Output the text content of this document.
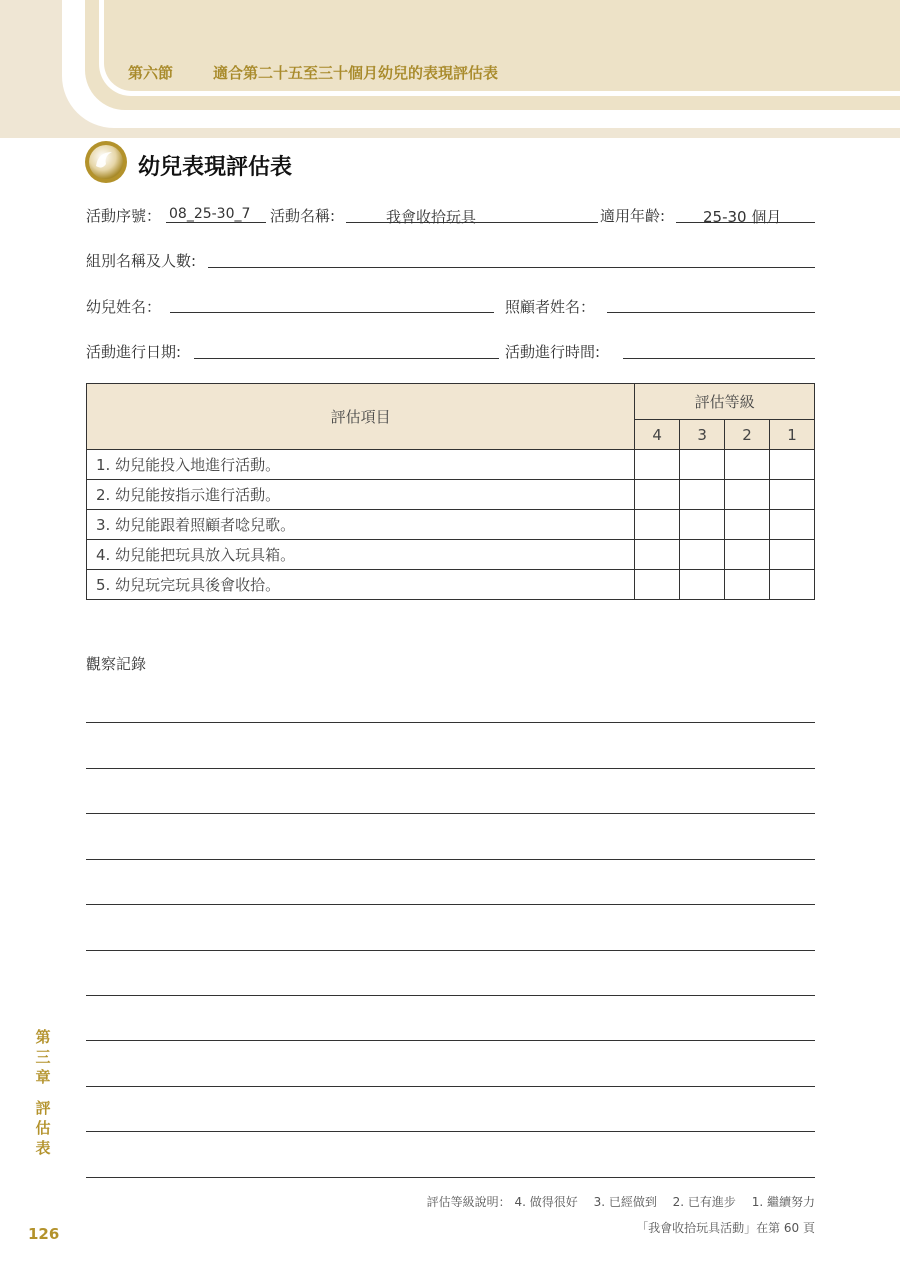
第六節	適合第二十五至三十個月幼兒的表現評估表
幼兒表現評估表
活動序號： 08_25-30_7 活動名稱:	我會收拾玩具	適用年齡:	25-30 個月
組別名稱及人數:
幼兒姓名：	照顧者姓名：
活動進行日期:	活動進行時間:
評估項目	評估等級			
	4	3	2	1
1. 幼兒能投入地進行活動。				
2. 幼兒能按指示進行活動。				
3. 幼兒能跟着照顧者唸兒歌。				
4. 幼兒能把玩具放入玩具箱。				
5. 幼兒玩完玩具後會收拾。				
觀察記錄
第
三
章
評
估
表
評估等級說明： 4. 做得很好　 3. 已經做到　 2. 已有進步　 1. 繼續努力
「我會收拾玩具活動」在第 60 頁
126
